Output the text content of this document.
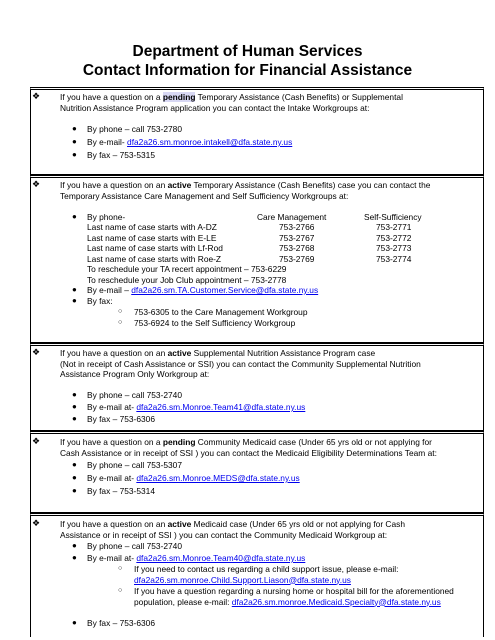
Department of Human Services
Contact Information for Financial Assistance
❖ If you have a question on a pending Temporary Assistance (Cash Benefits) or Supplemental
Nutrition Assistance Program application you can contact the Intake Workgroups at:
● By phone – call 753-2780
● By e-mail- dfa2a26.sm.monroe.intakell@dfa.state.ny.us
● By fax – 753-5315
❖ If you have a question on an active Temporary Assistance (Cash Benefits) case you can contact the
Temporary Assistance Care Management and Self Sufficiency Workgroups at:
● By phone-	Care Management	Self-Sufficiency
Last name of case starts with A-DZ	753-2766	753-2771
Last name of case starts with E-LE	753-2767	753-2772
Last name of case starts with Lf-Rod	753-2768	753-2773
Last name of case starts with Roe-Z	753-2769	753-2774
To reschedule your TA recert appointment – 753-6229
To reschedule your Job Club appointment – 753-2778
● By e-mail – dfa2a26.sm.TA.Customer.Service@dfa.state.ny.us
● By fax:
○ 753-6305 to the Care Management Workgroup
○ 753-6924 to the Self Sufficiency Workgroup
❖ If you have a question on an active Supplemental Nutrition Assistance Program case
(Not in receipt of Cash Assistance or SSI) you can contact the Community Supplemental Nutrition
Assistance Program Only Workgroup at:
● By phone – call 753-2740
● By e-mail at- dfa2a26.sm.Monroe.Team41@dfa.state.ny.us
● By fax – 753-6306
❖ If you have a question on a pending Community Medicaid case (Under 65 yrs old or not applying for
Cash Assistance or in receipt of SSI ) you can contact the Medicaid Eligibility Determinations Team at:
● By phone – call 753-5307
● By e-mail at- dfa2a26.sm.Monroe.MEDS@dfa.state.ny.us
● By fax – 753-5314
❖ If you have a question on an active Medicaid case (Under 65 yrs old or not applying for Cash
Assistance or in receipt of SSI ) you can contact the Community Medicaid Workgroup at:
● By phone – call 753-2740
● By e-mail at- dfa2a26.sm.Monroe.Team40@dfa.state.ny.us
○ If you need to contact us regarding a child support issue, please e-mail:
dfa2a26.sm.monroe.Child.Support.Liason@dfa.state.ny.us
○ If you have a question regarding a nursing home or hospital bill for the aforementioned
population, please e-mail: dfa2a26.sm.monroe.Medicaid.Specialty@dfa.state.ny.us
● By fax – 753-6306
